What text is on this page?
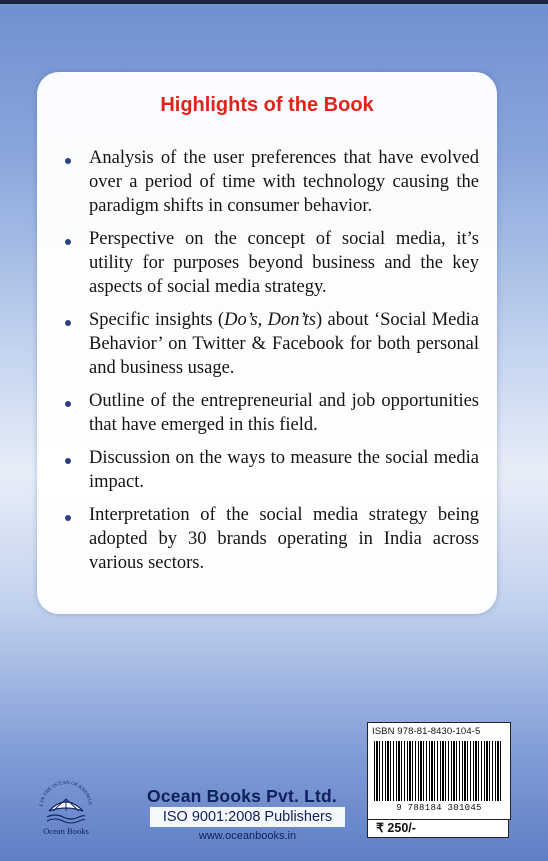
Highlights of the Book
Analysis of the user preferences that have evolved over a period of time with technology causing the paradigm shifts in consumer behavior.
Perspective on the concept of social media, it’s utility for purposes beyond business and the key aspects of social media strategy.
Specific insights (Do’s, Don’ts) about ‘Social Media Behavior’ on Twitter & Facebook for both personal and business usage.
Outline of the entrepreneurial and job opportunities that have emerged in this field.
Discussion on the ways to measure the social media impact.
Interpretation of the social media strategy being adopted by 30 brands operating in India across various sectors.
ISBN 978-81-8430-104-5
9 788184 301045
₹ 250/-
E IN THE OCEAN OF KNOWLE
Ocean Books
Ocean Books Pvt. Ltd.
ISO 9001:2008 Publishers
www.oceanbooks.in
